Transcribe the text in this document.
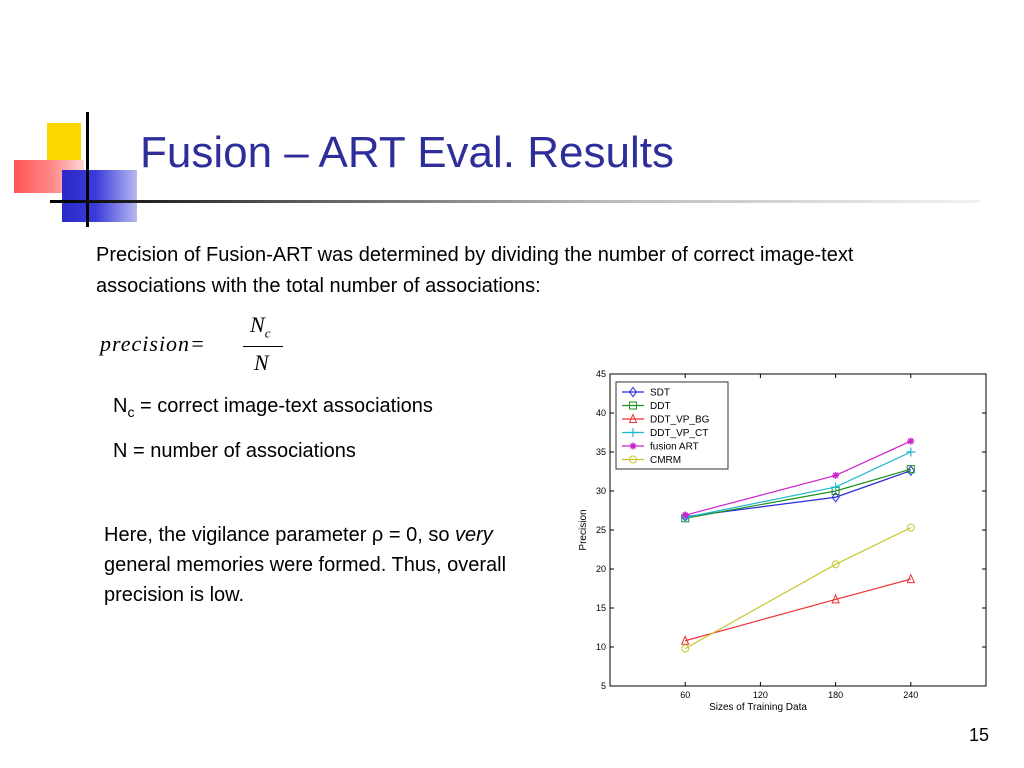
Fusion – ART Eval. Results
Precision of Fusion-ART was determined by dividing the number of correct image-text associations with the total number of associations:
precision=
$N_c$
N
$N_c$ = correct image-text associations
N = number of associations
Here, the vigilance parameter ρ = 0, so very general memories were formed. Thus, overall precision is low.
5
10
15
20
25
30
35
40
45
60	120	180	240
Sizes of Training Data
Precision
SDT
DDT
DDT_VP_BG
DDT_VP_CT
fusion ART
CMRM
15
